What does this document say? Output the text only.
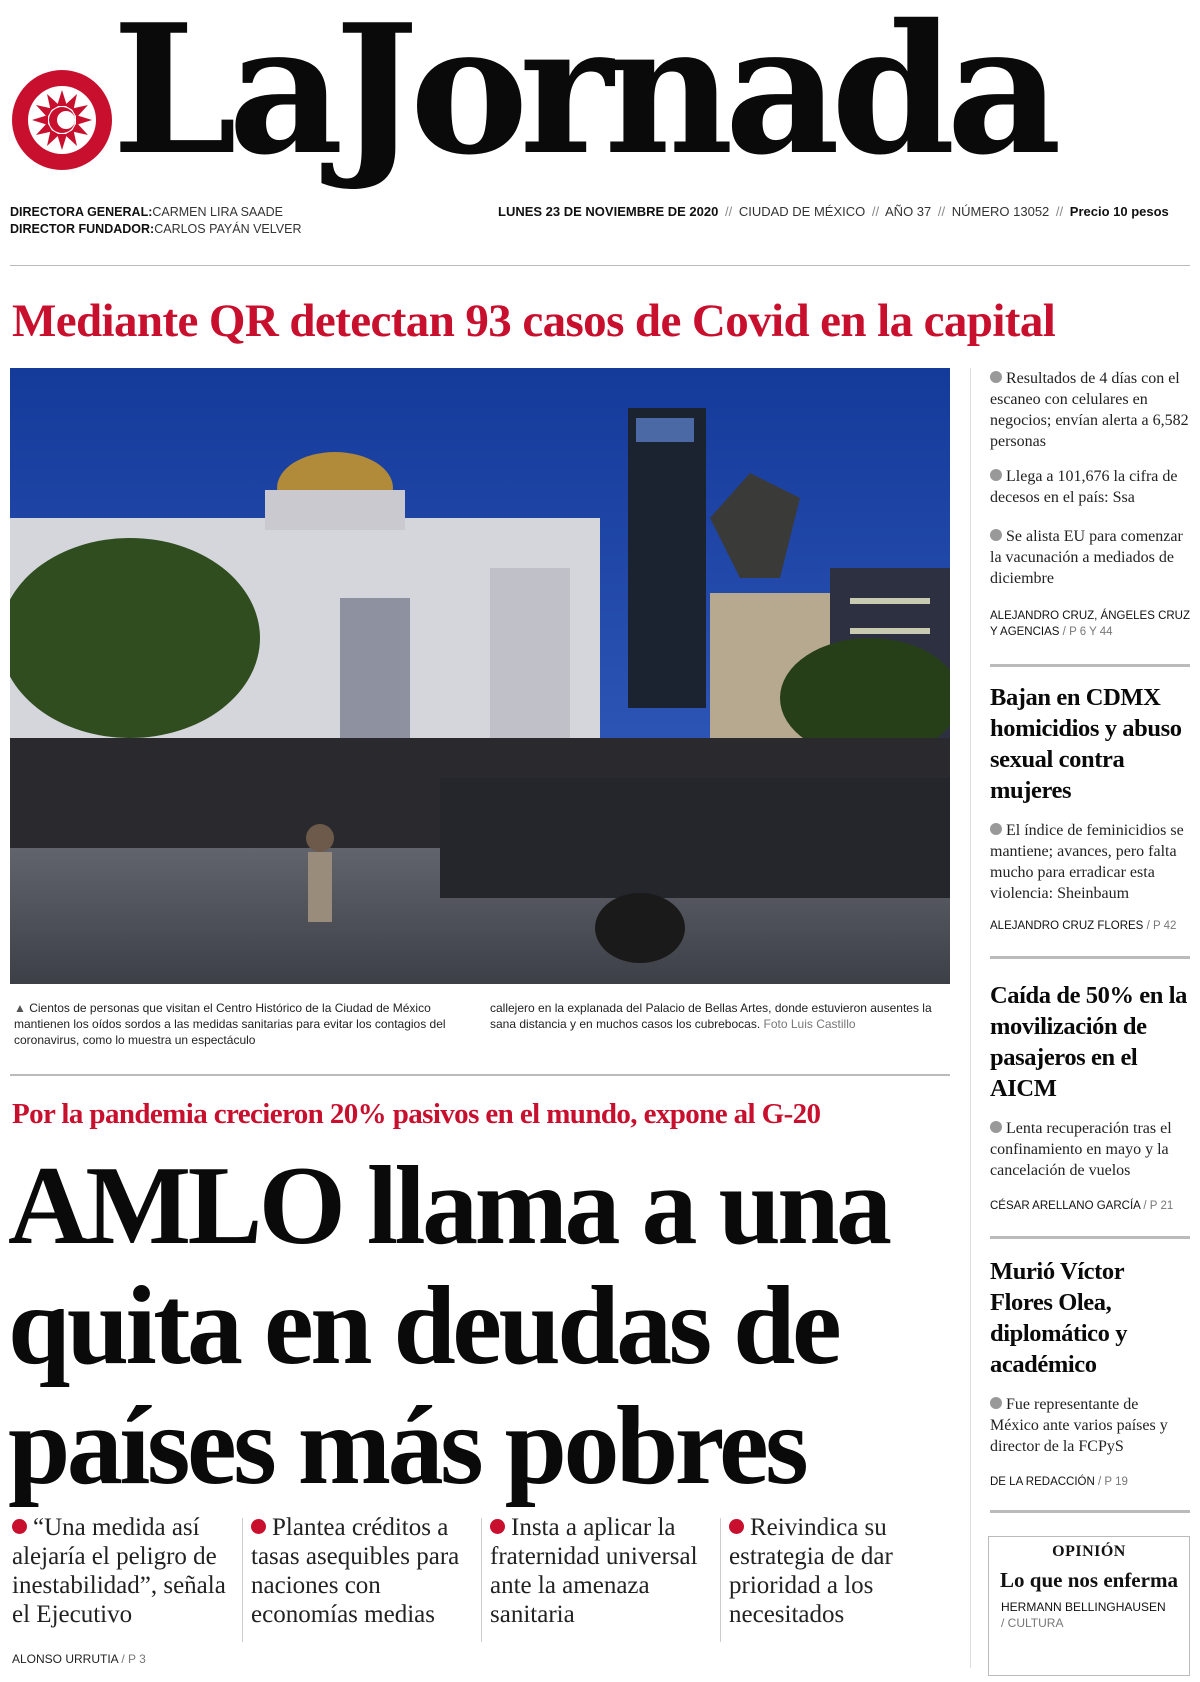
LaJornada
DIRECTORA GENERAL:CARMEN LIRA SAADE
DIRECTOR FUNDADOR:CARLOS PAYÁN VELVER
LUNES 23 DE NOVIEMBRE DE 2020 // CIUDAD DE MÉXICO // AÑO 37 // NÚMERO 13052 // Precio 10 pesos
Mediante QR detectan 93 casos de Covid en la capital
▲ Cientos de personas que visitan el Centro Histórico de la Ciudad de México mantienen los oídos sordos a las medidas sanitarias para evitar los contagios del coronavirus, como lo muestra un espectáculo
callejero en la explanada del Palacio de Bellas Artes, donde estuvieron ausentes la sana distancia y en muchos casos los cubrebocas. Foto Luis Castillo
Por la pandemia crecieron 20% pasivos en el mundo, expone al G-20
AMLO llama a una quita en deudas de países más pobres
“Una medida así alejaría el peligro de inestabilidad”, señala el Ejecutivo
Plantea créditos a tasas asequibles para naciones con economías medias
Insta a aplicar la fraternidad universal ante la amenaza sanitaria
Reivindica su estrategia de dar prioridad a los necesitados
ALONSO URRUTIA / P 3
Resultados de 4 días con el escaneo con celulares en negocios; envían alerta a 6,582 personas
Llega a 101,676 la cifra de decesos en el país: Ssa
Se alista EU para comenzar la vacunación a mediados de diciembre
ALEJANDRO CRUZ, ÁNGELES CRUZ Y AGENCIAS / P 6 Y 44
Bajan en CDMX homicidios y abuso sexual contra mujeres
El índice de feminicidios se mantiene; avances, pero falta mucho para erradicar esta violencia: Sheinbaum
ALEJANDRO CRUZ FLORES / P 42
Caída de 50% en la movilización de pasajeros en el AICM
Lenta recuperación tras el confinamiento en mayo y la cancelación de vuelos
CÉSAR ARELLANO GARCÍA / P 21
Murió Víctor Flores Olea, diplomático y académico
Fue representante de México ante varios países y director de la FCPyS
DE LA REDACCIÓN / P 19
OPINIÓN
Lo que nos enferma
HERMANN BELLINGHAUSEN
/ CULTURA
